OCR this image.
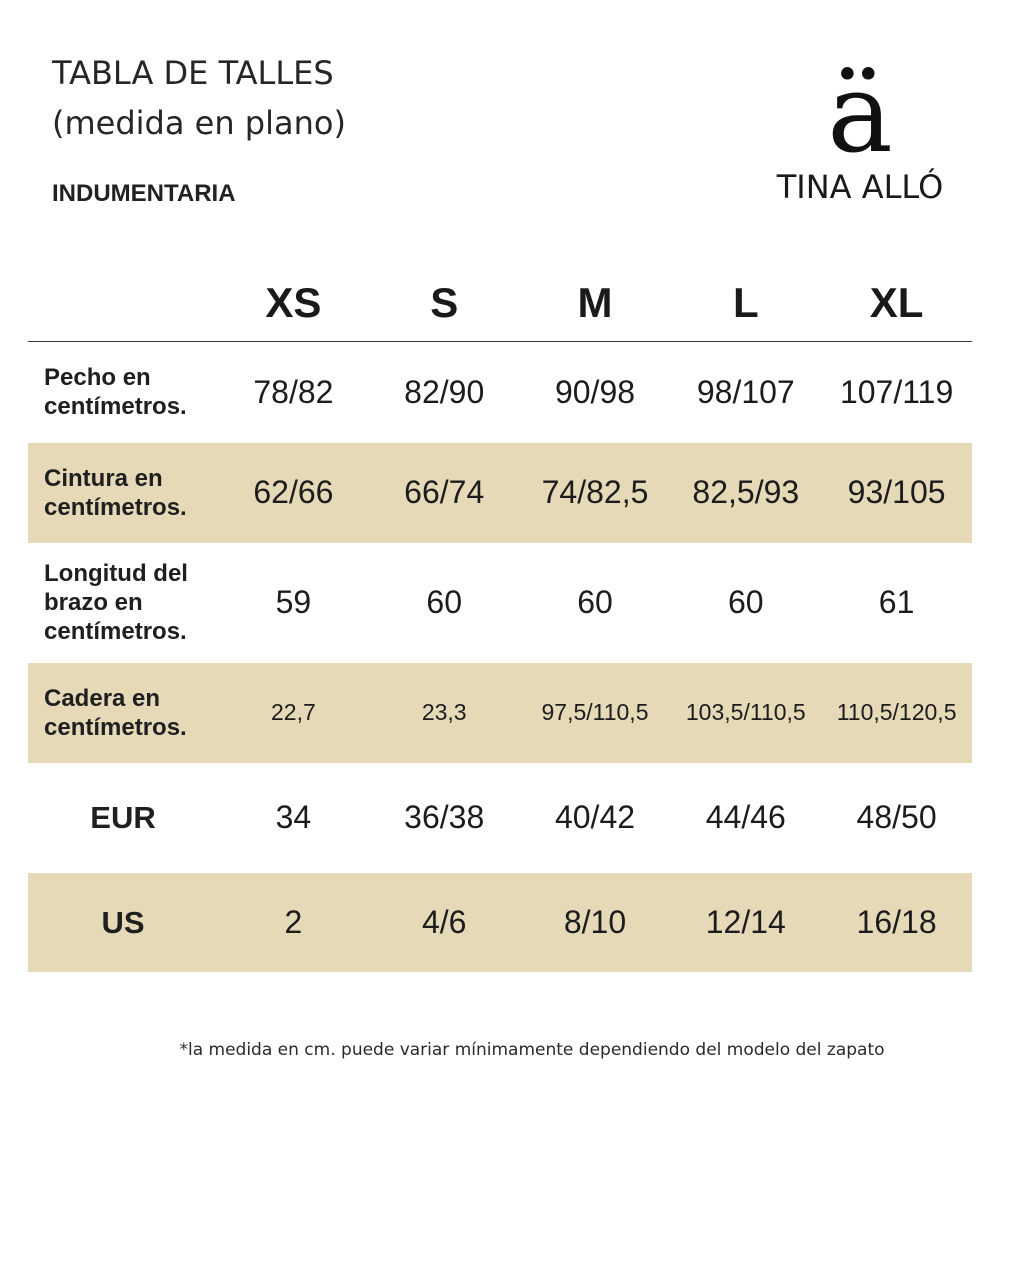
TABLA DE TALLES
(medida en plano)
INDUMENTARIA
ä
TINA ALLÓ
	XS	S	M	L	XL
Pecho en centímetros.	78/82	82/90	90/98	98/107	107/119
Cintura en centímetros.	62/66	66/74	74/82,5	82,5/93	93/105
Longitud del brazo en centímetros.	59	60	60	60	61
Cadera en centímetros.	22,7	23,3	97,5/110,5	103,5/110,5	110,5/120,5
EUR	34	36/38	40/42	44/46	48/50
US	2	4/6	8/10	12/14	16/18
*la medida en cm. puede variar mínimamente dependiendo del modelo del zapato
